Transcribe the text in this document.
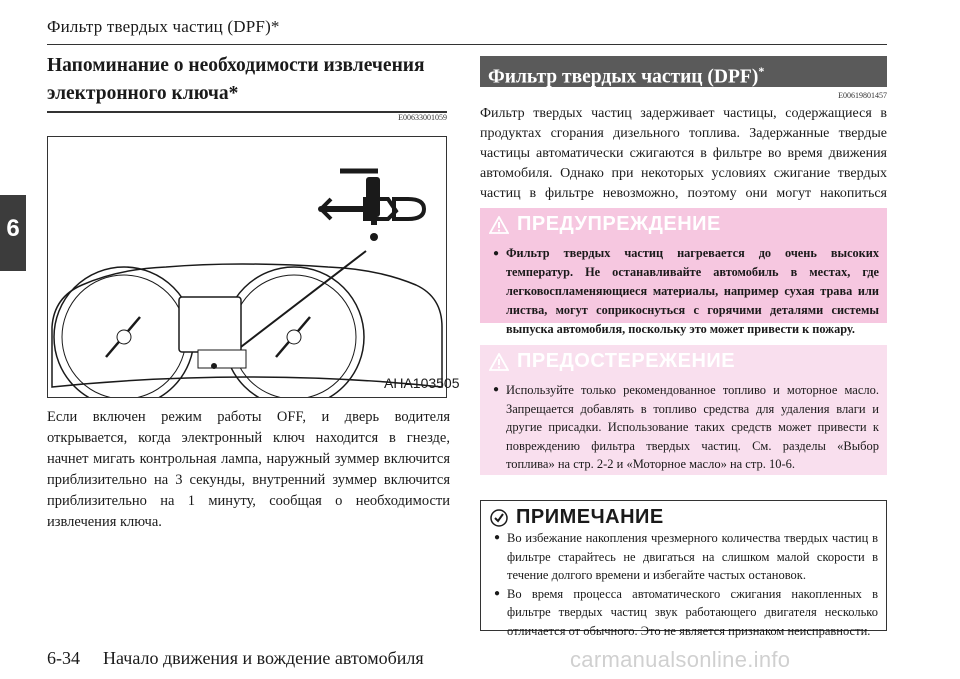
Фильтр твердых частиц (DPF)*
6
Напоминание о необходимости извлечения электронного ключа*
E00633001059
AHA103505
Если включен режим работы OFF, и дверь водителя открывается, когда электронный ключ находится в гнезде, начнет мигать контрольная лампа, наружный зуммер включится приблизительно на 3 секунды, внутренний зуммер включится приблизительно на 1 минуту, сообщая о необходимости извлечения ключа.
Фильтр твердых частиц (DPF)*
E00619801457
Фильтр твердых частиц задерживает частицы, содержащиеся в продуктах сгорания дизельного топлива. Задержанные твердые частицы автоматически сжигаются в фильтре во время движения автомобиля. Однако при некоторых условиях сжигание твердых частиц в фильтре невозможно, поэтому они могут накопиться
ПРЕДУПРЕЖДЕНИЕ
● Фильтр твердых частиц нагревается до очень высоких температур. Не останавливайте автомобиль в местах, где легковоспламеняющиеся материалы, например сухая трава или листва, могут соприкоснуться с горячими деталями системы выпуска автомобиля, поскольку это может привести к пожару.
ПРЕДОСТЕРЕЖЕНИЕ
● Используйте только рекомендованное топливо и моторное масло. Запрещается добавлять в топливо средства для удаления влаги и другие присадки. Использование таких средств может привести к повреждению фильтра твердых частиц. См. разделы «Выбор топлива» на стр. 2-2 и «Моторное масло» на стр. 10-6.
ПРИМЕЧАНИЕ
● Во избежание накопления чрезмерного количества твердых частиц в фильтре старайтесь не двигаться на слишком малой скорости в течение долгого времени и избегайте частых остановок.
● Во время процесса автоматического сжигания накопленных в фильтре твердых частиц звук работающего двигателя несколько отличается от обычного. Это не является признаком неисправности.
6-34 Начало движения и вождение автомобиля	carmanualsonline.info
